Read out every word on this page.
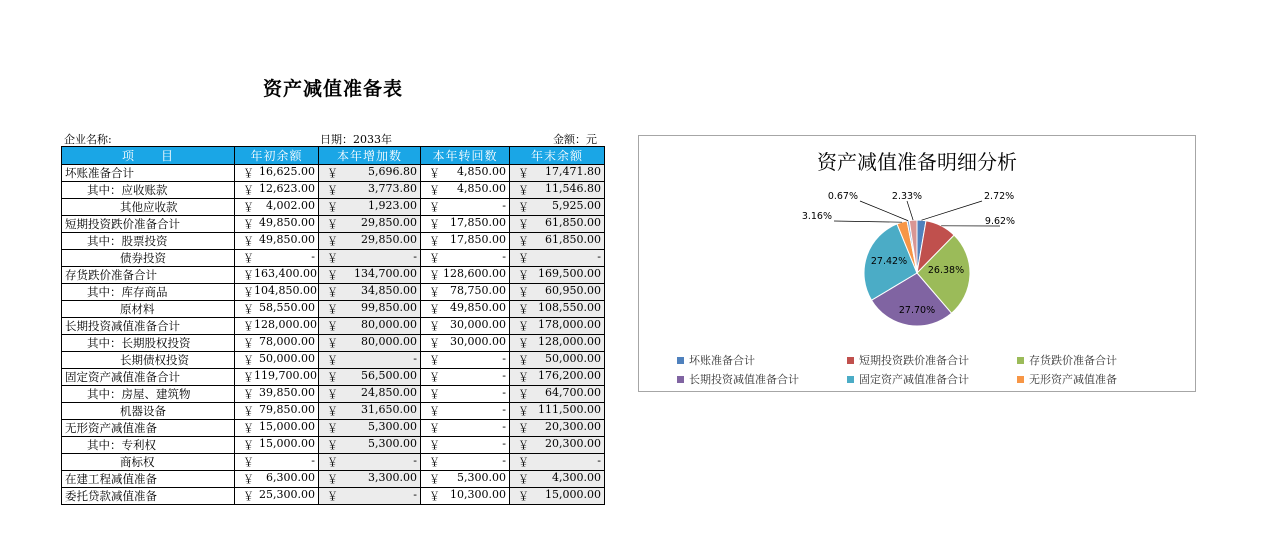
资产减值准备表
企业名称:	日期：2033年	金额：元
项　　目	年初余额	本年增加数	本年转回数	年末余额
坏账准备合计	￥ 16,625.00	￥ 5,696.80	￥ 4,850.00	￥ 17,471.80

其中：应收账款	￥ 12,623.00	￥ 3,773.80	￥ 4,850.00	￥ 11,546.80

其他应收款	￥ 4,002.00	￥ 1,923.00	￥ -	￥ 5,925.00

短期投资跌价准备合计	￥ 49,850.00	￥ 29,850.00	￥ 17,850.00	￥ 61,850.00

其中：股票投资	￥ 49,850.00	￥ 29,850.00	￥ 17,850.00	￥ 61,850.00

债券投资	￥ -	￥ -	￥ -	￥ -

存货跌价准备合计	￥ 163,400.00	￥ 134,700.00	￥ 128,600.00	￥ 169,500.00

其中：库存商品	￥ 104,850.00	￥ 34,850.00	￥ 78,750.00	￥ 60,950.00

原材料	￥ 58,550.00	￥ 99,850.00	￥ 49,850.00	￥ 108,550.00

长期投资减值准备合计	￥ 128,000.00	￥ 80,000.00	￥ 30,000.00	￥ 178,000.00

其中：长期股权投资	￥ 78,000.00	￥ 80,000.00	￥ 30,000.00	￥ 128,000.00

长期债权投资	￥ 50,000.00	￥ -	￥ -	￥ 50,000.00

固定资产减值准备合计	￥ 119,700.00	￥ 56,500.00	￥ -	￥ 176,200.00

其中：房屋、建筑物	￥ 39,850.00	￥ 24,850.00	￥ -	￥ 64,700.00

机器设备	￥ 79,850.00	￥ 31,650.00	￥ -	￥ 111,500.00

无形资产减值准备	￥ 15,000.00	￥ 5,300.00	￥ -	￥ 20,300.00

其中：专利权	￥ 15,000.00	￥ 5,300.00	￥ -	￥ 20,300.00

商标权	￥ -	￥ -	￥ -	￥ -

在建工程减值准备	￥ 6,300.00	￥ 3,300.00	￥ 5,300.00	￥ 4,300.00

委托贷款减值准备	￥ 25,300.00	￥ -	￥ 10,300.00	￥ 15,000.00
资产减值准备明细分析
2.72%
9.62%
26.38%
27.70%
27.42%
3.16%
0.67%	2.33%
坏账准备合计	短期投资跌价准备合计	存货跌价准备合计
长期投资减值准备合计	固定资产减值准备合计	无形资产减值准备
